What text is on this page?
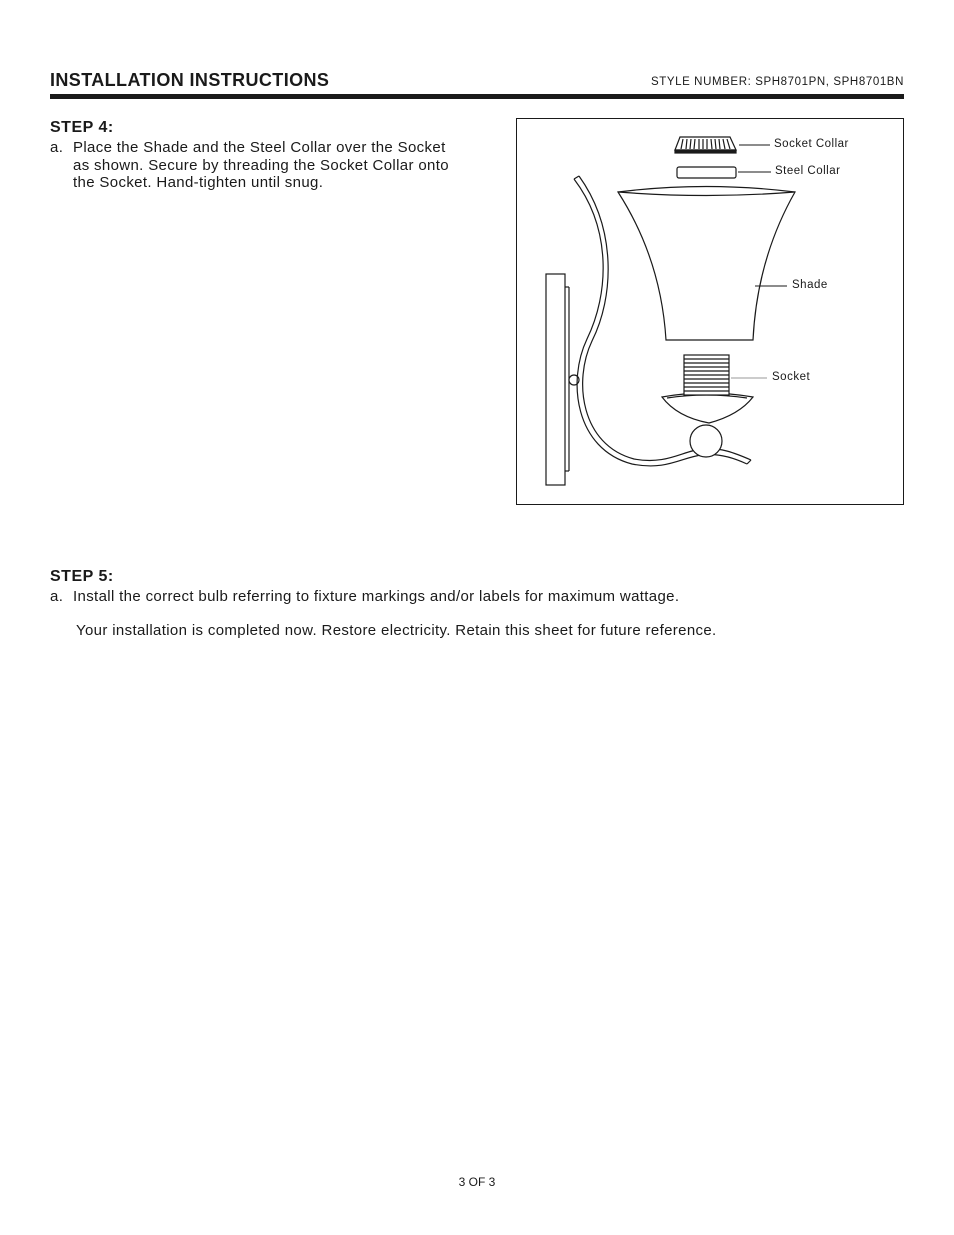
INSTALLATION INSTRUCTIONS	STYLE NUMBER: SPH8701PN, SPH8701BN
STEP 4:
a. Place the Shade and the Steel Collar over the Socket
as shown. Secure by threading the Socket Collar onto
the Socket. Hand-tighten until snug.
Socket Collar
Steel Collar
Shade
Socket
STEP 5:
a. Install the correct bulb referring to fixture markings and/or labels for maximum wattage.
Your installation is completed now. Restore electricity. Retain this sheet for future reference.
3 OF 3
